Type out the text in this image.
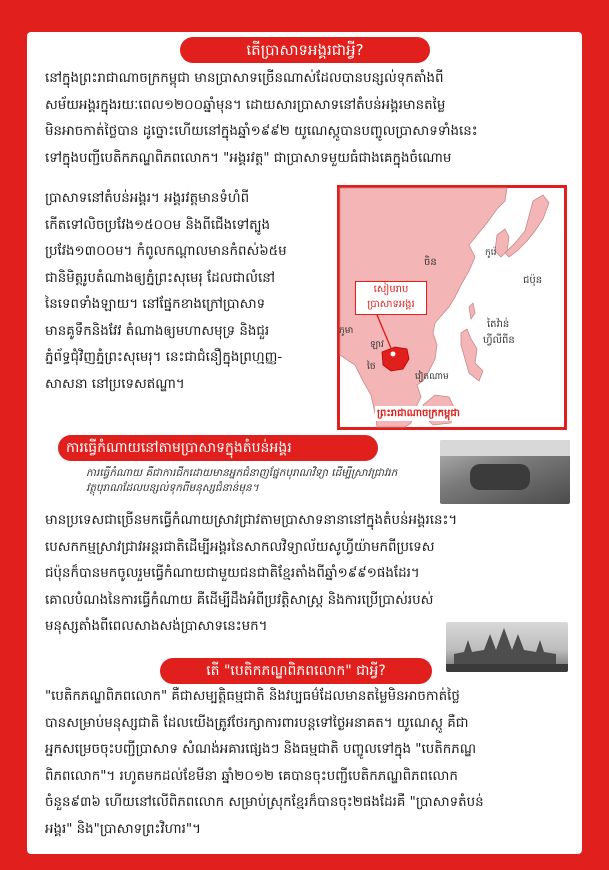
តើប្រាសាទអង្គរជាអ្វី?
នៅក្នុងព្រះរាជាណាចក្រកម្ពុជា មានប្រាសាទច្រើនណាស់ដែលបានបន្សល់ទុកតាំងពី
សម័យអង្គរក្នុងរយៈពេល១២០០ឆ្នាំមុន។ ដោយសារប្រាសាទនៅតំបន់អង្គរមានតម្លៃ
មិនអាចកាត់ថ្លៃបាន ដូច្នោះហើយនៅក្នុងឆ្នាំ១៩៩២ យូណេស្កូបានបញ្ចូលប្រាសាទទាំងនេះ
ទៅក្នុងបញ្ជីបេតិកភណ្ឌពិភពលោក។ "អង្គរវត្ត" ជាប្រាសាទមួយធំជាងគេក្នុងចំណោម
ប្រាសាទនៅតំបន់អង្គរ។ អង្គរវត្តមានទំហំពី
កើតទៅលិចប្រវែង១៥០០ម និងពីជើងទៅត្បូង
ប្រវែង១៣០០ម។ កំពូលកណ្តាលមានកំពស់៦៥ម
ជានិមិត្តរូបតំណាងឲ្យភ្នំព្រះសុមេរុ ដែលជាលំនៅ
នៃទេពទាំងឡាយ។ នៅផ្នែកខាងក្រៅប្រាសាទ
មានគូទឹកនិងវែវ តំណាងឲ្យមហាសមុទ្រ និងជួរ
ភ្នំព័ទ្ធជុំវិញភ្នំព្រះសុមេរុ។ នេះជាជំនឿក្នុងព្រហ្មញ្ញ-
សាសនា នៅប្រទេសឥណ្ឌា។
សៀមរាប
ប្រាសាទអង្គរ
ចិន
កូរ៉េ
ជប៉ុន
តៃវ៉ាន់
ហ្វីលីពីន
ភូមា
ឡាវ
ថៃ
វៀតណាម
ព្រះរាជាណាចក្រកម្ពុជា
ការធ្វើកំណាយនៅតាមប្រាសាទក្នុងតំបន់អង្គរ
ការធ្វើកំណាយ គឺជាការជីកដោយមានអ្នកជំនាញផ្នែកបុរាណវិទ្យា ដើម្បីស្រាវជ្រាវរក
វត្ថុបុរាណដែលបន្សល់ទុកពីមនុស្សជំនាន់មុន។
មានប្រទេសជាច្រើនមកធ្វើកំណាយស្រាវជ្រាវតាមប្រាសាទនានានៅក្នុងតំបន់អង្គរនេះ។
បេសកកម្មស្រាវជ្រាវអន្តរជាតិដើម្បីអង្គរនៃសាកលវិទ្យាល័យសូហ្វីយ៉ាមកពីប្រទេស
ជប៉ុនក៏បានមកចូលរួមធ្វើកំណាយជាមួយជនជាតិខ្មែរតាំងពីឆ្នាំ១៩៩១ផងដែរ។
គោលបំណងនៃការធ្វើកំណាយ គឺដើម្បីដឹងអំពីប្រវត្តិសាស្ត្រ និងការប្រើប្រាស់របស់
មនុស្សតាំងពីពេលសាងសង់ប្រាសាទនេះមក។
តើ "បេតិកភណ្ឌពិភពលោក" ជាអ្វី?
"បេតិកភណ្ឌពិភពលោក" គឺជាសម្បត្តិធម្មជាតិ និងវប្បធម៌ដែលមានតម្លៃមិនអាចកាត់ថ្លៃ
បានសម្រាប់មនុស្សជាតិ ដែលយើងត្រូវថែរក្សាការពារបន្តទៅថ្ងៃអនាគត។ យូណេស្កូ គឺជា
អ្នកសម្រេចចុះបញ្ជីប្រាសាទ សំណង់អគារផ្សេងៗ និងធម្មជាតិ បញ្ចូលទៅក្នុង "បេតិកភណ្ឌ
ពិភពលោក"។ រហូតមកដល់ខែមីនា ឆ្នាំ២០១២ គេបានចុះបញ្ជីបេតិកភណ្ឌពិភពលោក
ចំនួន៩៣៦ ហើយនៅលើពិភពលោក សម្រាប់ស្រុកខ្មែរក៏បានចុះ២ផងដែរគឺ "ប្រាសាទតំបន់
អង្គរ" និង"ប្រាសាទព្រះវិហារ"។
